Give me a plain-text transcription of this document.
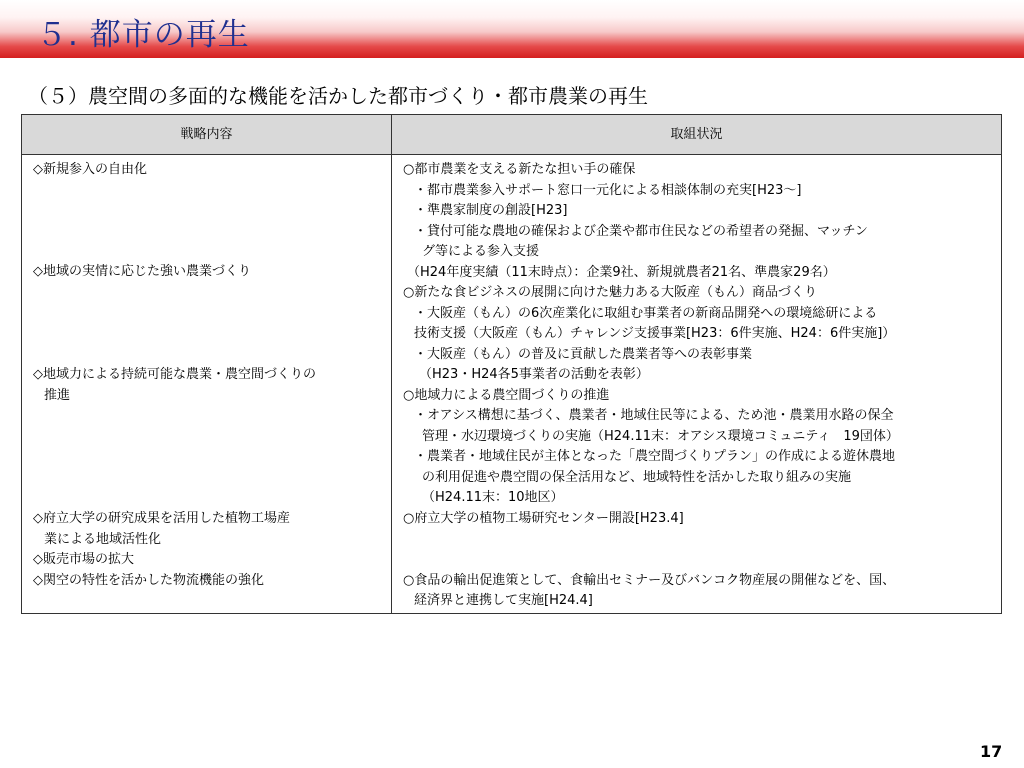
５. 都市の再生
（５）農空間の多面的な機能を活かした都市づくり・都市農業の再生
戦略内容	取組状況
◇新規参入の自由化
◇地域の実情に応じた強い農業づくり
◇地域力による持続可能な農業・農空間づくりの
推進
◇府立大学の研究成果を活用した植物工場産
業による地域活性化
◇販売市場の拡大
◇関空の特性を活かした物流機能の強化
○都市農業を支える新たな担い手の確保
・都市農業参入サポート窓口一元化による相談体制の充実[H23～]
・準農家制度の創設[H23]
・貸付可能な農地の確保および企業や都市住民などの希望者の発掘、マッチン
グ等による参入支援
（H24年度実績（11末時点）：企業9社、新規就農者21名、準農家29名）
○新たな食ビジネスの展開に向けた魅力ある大阪産（もん）商品づくり
・大阪産（もん）の6次産業化に取組む事業者の新商品開発への環境総研による
技術支援（大阪産（もん）チャレンジ支援事業[H23：6件実施、H24：6件実施]）
・大阪産（もん）の普及に貢献した農業者等への表彰事業
（H23・H24各5事業者の活動を表彰）
○地域力による農空間づくりの推進
・オアシス構想に基づく、農業者・地域住民等による、ため池・農業用水路の保全
管理・水辺環境づくりの実施（H24.11末：オアシス環境コミュニティ　19団体）
・農業者・地域住民が主体となった「農空間づくりプラン」の作成による遊休農地
の利用促進や農空間の保全活用など、地域特性を活かした取り組みの実施
（H24.11末：10地区）
○府立大学の植物工場研究センター開設[H23.4]
○食品の輸出促進策として、食輸出セミナー及びバンコク物産展の開催などを、国、
経済界と連携して実施[H24.4]
17
